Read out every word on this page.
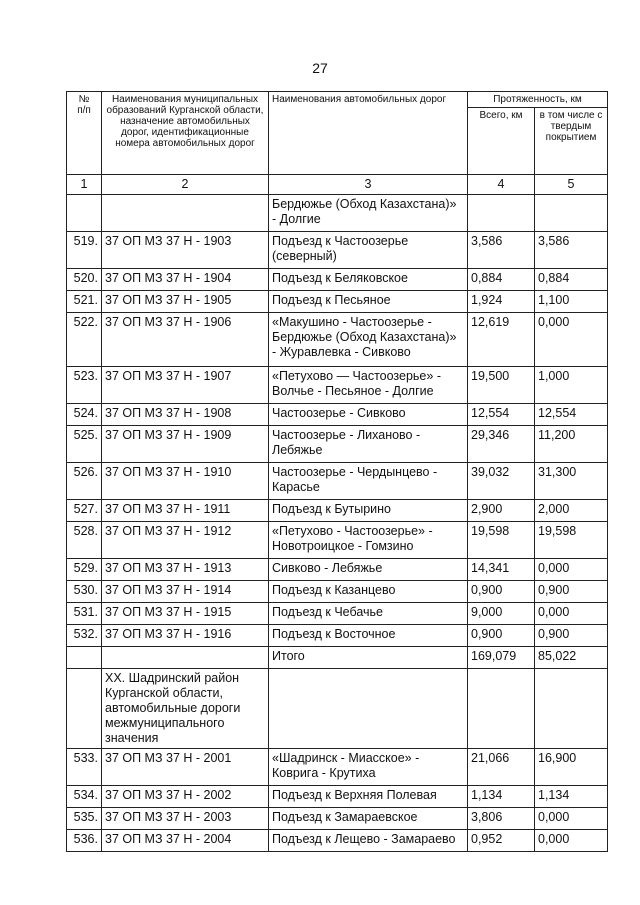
27
№
п/п	Наименования муниципальных образований Курганской области, назначение автомобильных дорог, идентификационные номера автомобильных дорог	Наименования автомобильных дорог	Протяженность, км	
			Всего, км	в том числе с твердым покрытием
1	2	3	4	5
		Бердюжье (Обход Казахстана)» - Долгие		
519.	37 ОП МЗ 37 Н - 1903	Подъезд к Частоозерье (северный)	3,586	3,586
520.	37 ОП МЗ 37 Н - 1904	Подъезд к Беляковское	0,884	0,884
521.	37 ОП МЗ 37 Н - 1905	Подъезд к Песьяное	1,924	1,100
522.	37 ОП МЗ 37 Н - 1906	«Макушино - Частоозерье - Бердюжье (Обход Казахстана)» - Журавлевка - Сивково	12,619	0,000
523.	37 ОП МЗ 37 Н - 1907	«Петухово — Частоозерье» - Волчье - Песьяное - Долгие	19,500	1,000
524.	37 ОП МЗ 37 Н - 1908	Частоозерье - Сивково	12,554	12,554
525.	37 ОП МЗ 37 Н - 1909	Частоозерье - Лиханово - Лебяжье	29,346	11,200
526.	37 ОП МЗ 37 Н - 1910	Частоозерье - Чердынцево - Карасье	39,032	31,300
527.	37 ОП МЗ 37 Н - 1911	Подъезд к Бутырино	2,900	2,000
528.	37 ОП МЗ 37 Н - 1912	«Петухово - Частоозерье» - Новотроицкое - Гомзино	19,598	19,598
529.	37 ОП МЗ 37 Н - 1913	Сивково - Лебяжье	14,341	0,000
530.	37 ОП МЗ 37 Н - 1914	Подъезд к Казанцево	0,900	0,900
531.	37 ОП МЗ 37 Н - 1915	Подъезд к Чебачье	9,000	0,000
532.	37 ОП МЗ 37 Н - 1916	Подъезд к Восточное	0,900	0,900
		Итого	169,079	85,022
	XX. Шадринский район Курганской области, автомобильные дороги межмуниципального значения			
533.	37 ОП МЗ 37 Н - 2001	«Шадринск - Миасское» - Ковригa - Крутиха	21,066	16,900
534.	37 ОП МЗ 37 Н - 2002	Подъезд к Верхняя Полевая	1,134	1,134
535.	37 ОП МЗ 37 Н - 2003	Подъезд к Замараевское	3,806	0,000
536.	37 ОП МЗ 37 Н - 2004	Подъезд к Лещево - Замараево	0,952	0,000
